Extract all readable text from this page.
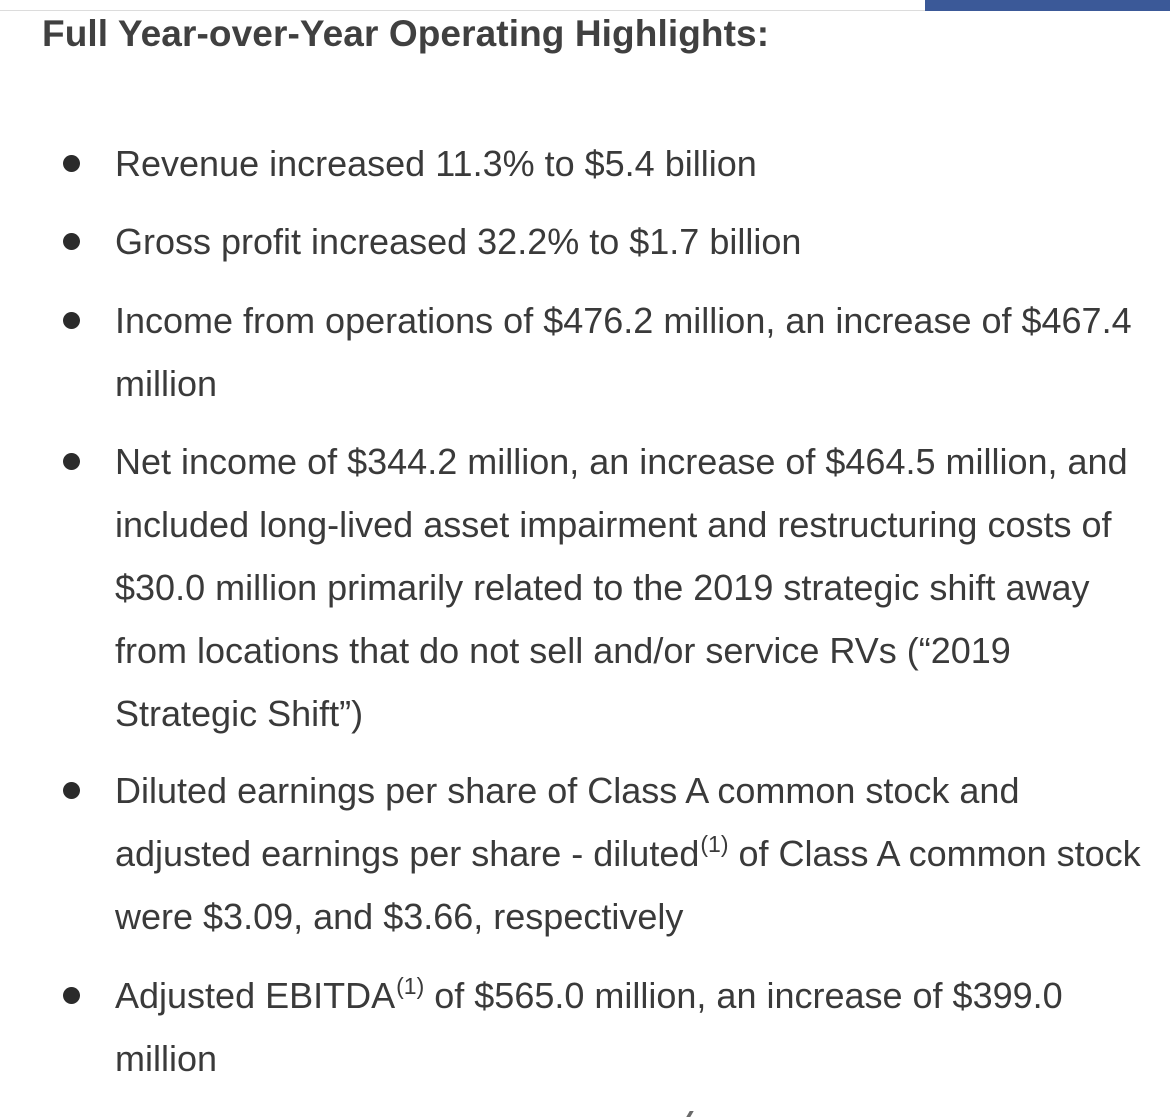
Full Year-over-Year Operating Highlights:
Revenue increased 11.3% to $5.4 billion
Gross profit increased 32.2% to $1.7 billion
Income from operations of $476.2 million, an increase of $467.4 million
Net income of $344.2 million, an increase of $464.5 million, and included long-lived asset impairment and restructuring costs of $30.0 million primarily related to the 2019 strategic shift away from locations that do not sell and/or service RVs (“2019 Strategic Shift”)
Diluted earnings per share of Class A common stock and adjusted earnings per share - diluted$^{(1)}$ of Class A common stock were $3.09, and $3.66, respectively
Adjusted EBITDA$^{(1)}$ of $565.0 million, an increase of $399.0 million
